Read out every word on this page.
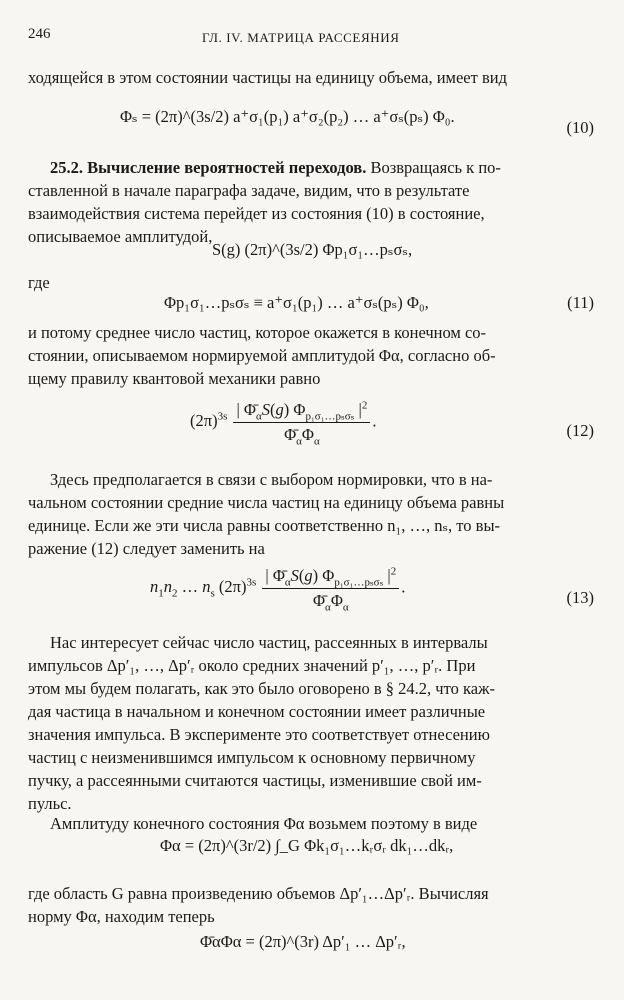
246	ГЛ. IV. МАТРИЦА РАССЕЯНИЯ
ходящейся в этом состоянии частицы на единицу объема, имеет вид
Φₛ = (2π)^(3s/2) a⁺σ₁(p₁) a⁺σ₂(p₂) … a⁺σₛ(pₛ) Φ₀.
(10)
25.2. Вычисление вероятностей переходов. Возвращаясь к по-
ставленной в начале параграфа задаче, видим, что в результате
взаимодействия система перейдет из состояния (10) в состояние,
описываемое амплитудой,
S(g) (2π)^(3s/2) Φp₁σ₁…pₛσₛ,
где
Φp₁σ₁…pₛσₛ ≡ a⁺σ₁(p₁) … a⁺σₛ(pₛ) Φ₀,	(11)
и потому среднее число частиц, которое окажется в конечном со-
стоянии, описываемом нормируемой амплитудой Φα, согласно об-
щему правилу квантовой механики равно
$(2\pi)^{3s} \frac{| \Phī_\alpha S(g) \Phi_{p_1\sigma_1\dots p_s\sigma_s} |^2}{\Phī_\alpha\Phi_\alpha}$ .
(12)
Здесь предполагается в связи с выбором нормировки, что в на-
чальном состоянии средние числа частиц на единицу объема равны
единице. Если же эти числа равны соответственно n₁, …, nₛ, то вы-
ражение (12) следует заменить на
$n_1n_2$ … $n_s$ $(2\pi)^{3s} \frac{| \Phī_\alpha S(g) \Phi_{p_1\sigma_1\dots p_s\sigma_s} |^2}{\Phī_\alpha\Phi_\alpha}$ .
(13)
Нас интересует сейчас число частиц, рассеянных в интервалы
импульсов Δp′₁, …, Δp′ᵣ около средних значений p′₁, …, p′ᵣ. При
этом мы будем полагать, как это было оговорено в § 24.2, что каж-
дая частица в начальном и конечном состоянии имеет различные
значения импульса. В эксперименте это соответствует отнесению
частиц с неизменившимся импульсом к основному первичному
пучку, а рассеянными считаются частицы, изменившие свой им-
пульс.
Амплитуду конечного состояния Φα возьмем поэтому в виде
Φα = (2π)^(3r/2) ∫_G Φk₁σ₁…kᵣσᵣ dk₁…dkᵣ,
где область G равна произведению объемов Δp′₁…Δp′ᵣ. Вычисляя
норму Φα, находим теперь
Φ̄αΦα = (2π)^(3r) Δp′₁ … Δp′ᵣ,
